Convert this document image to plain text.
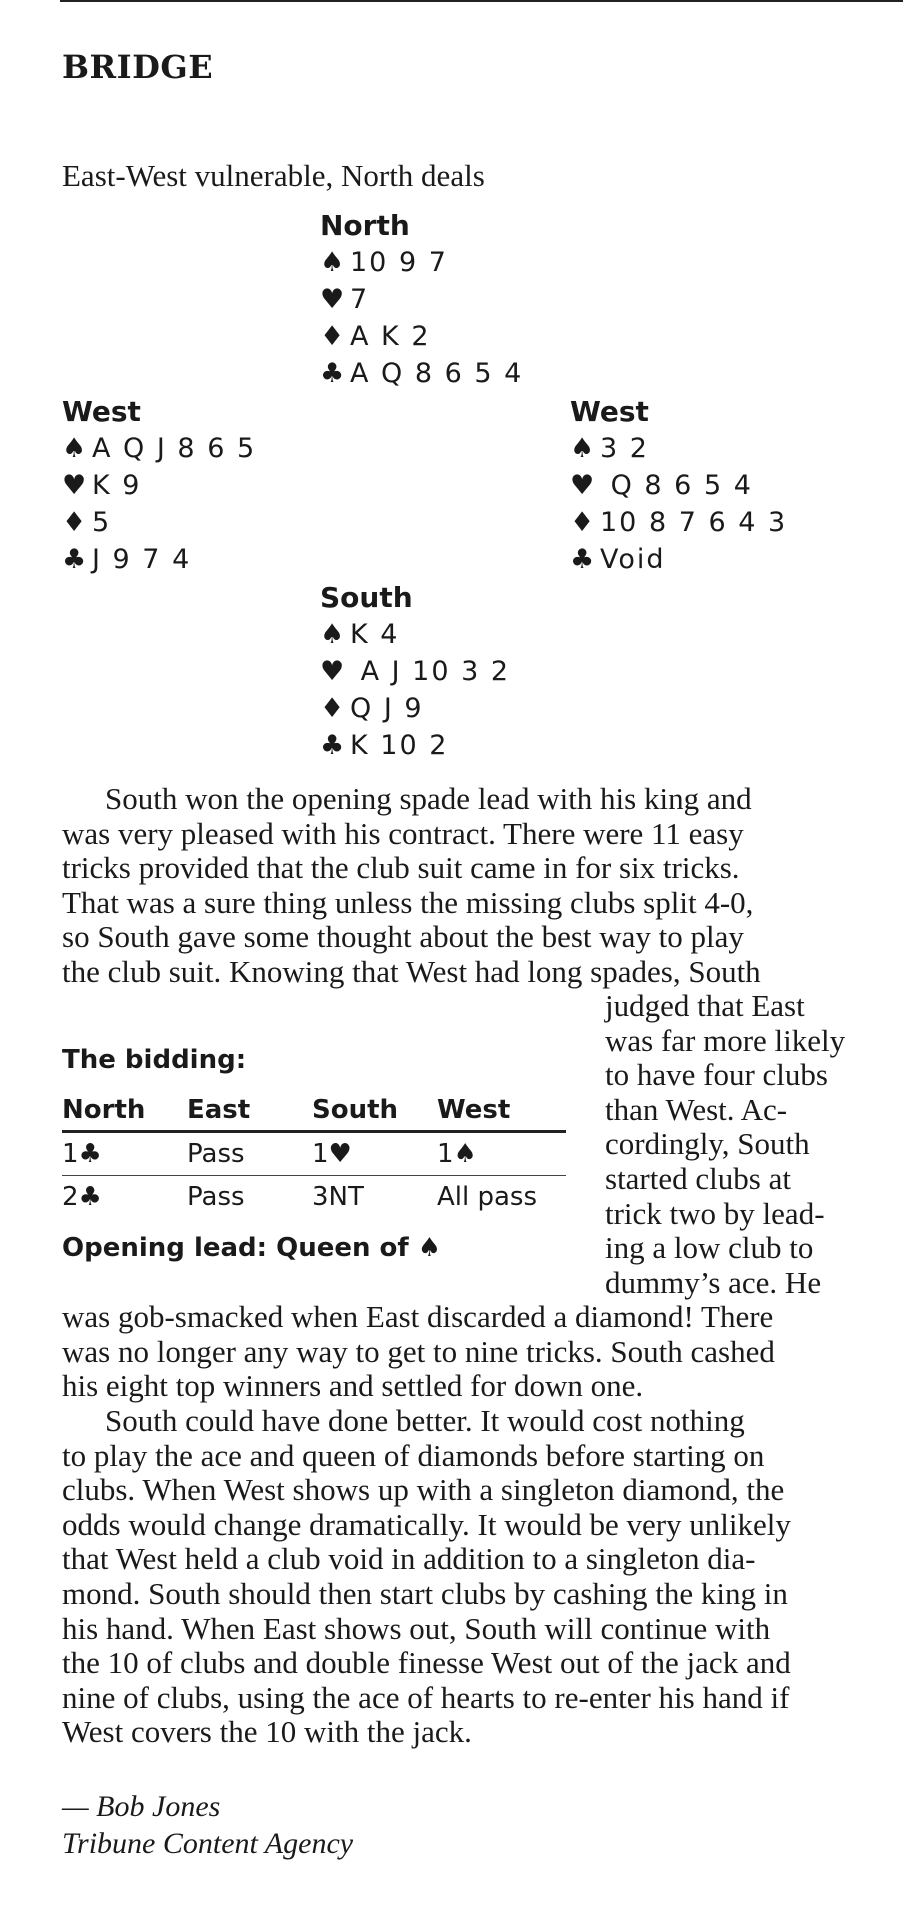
BRIDGE
East-West vulnerable, North deals
North
♠ 10 9 7
♥ 7
♦ A K 2
♣ A Q 8 6 5 4
West
♠ A Q J 8 6 5
♥ K 9
♦ 5
♣ J 9 7 4
West
♠ 3 2
♥ Q 8 6 5 4
♦ 10 8 7 6 4 3
♣ Void
South
♠ K 4
♥ A J 10 3 2
♦ Q J 9
♣ K 10 2
South won the opening spade lead with his king and
was very pleased with his contract. There were 11 easy
tricks provided that the club suit came in for six tricks.
That was a sure thing unless the missing clubs split 4-0,
so South gave some thought about the best way to play
the club suit. Knowing that West had long spades, South
judged that East
was far more likely
to have four clubs
than West. Ac-
cordingly, South
started clubs at
trick two by lead-
ing a low club to
dummy’s ace. He
The bidding:
North	East	South	West
1♣	Pass	1♥	1♠
2♣	Pass	3NT	All pass
Opening lead: Queen of ♠
was gob-smacked when East discarded a diamond! There
was no longer any way to get to nine tricks. South cashed
his eight top winners and settled for down one.
South could have done better. It would cost nothing
to play the ace and queen of diamonds before starting on
clubs. When West shows up with a singleton diamond, the
odds would change dramatically. It would be very unlikely
that West held a club void in addition to a singleton dia-
mond. South should then start clubs by cashing the king in
his hand. When East shows out, South will continue with
the 10 of clubs and double finesse West out of the jack and
nine of clubs, using the ace of hearts to re-enter his hand if
West covers the 10 with the jack.
— Bob Jones
Tribune Content Agency
